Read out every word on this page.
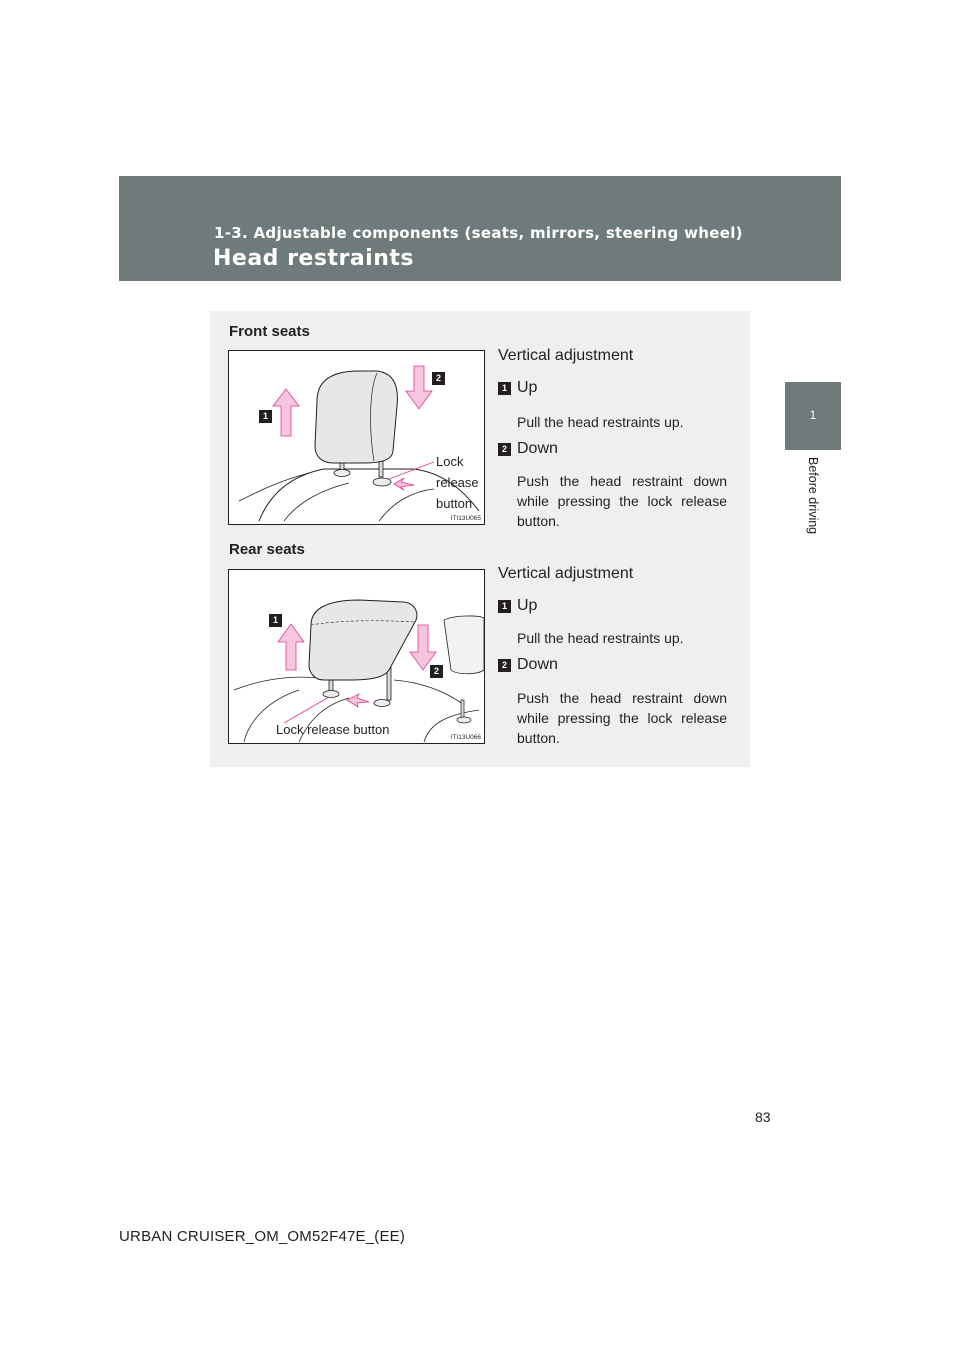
1-3. Adjustable components (seats, mirrors, steering wheel)
Head restraints
1
Before driving
Front seats
1
2
Lock
release
button
ITI13U065
Vertical adjustment
1 Up
Pull the head restraints up.
2 Down
Push the head restraint down while pressing the lock release button.
Rear seats
1
2
Lock release button
ITI13U066
Vertical adjustment
1 Up
Pull the head restraints up.
2 Down
Push the head restraint down while pressing the lock release button.
83
URBAN CRUISER_OM_OM52F47E_(EE)
